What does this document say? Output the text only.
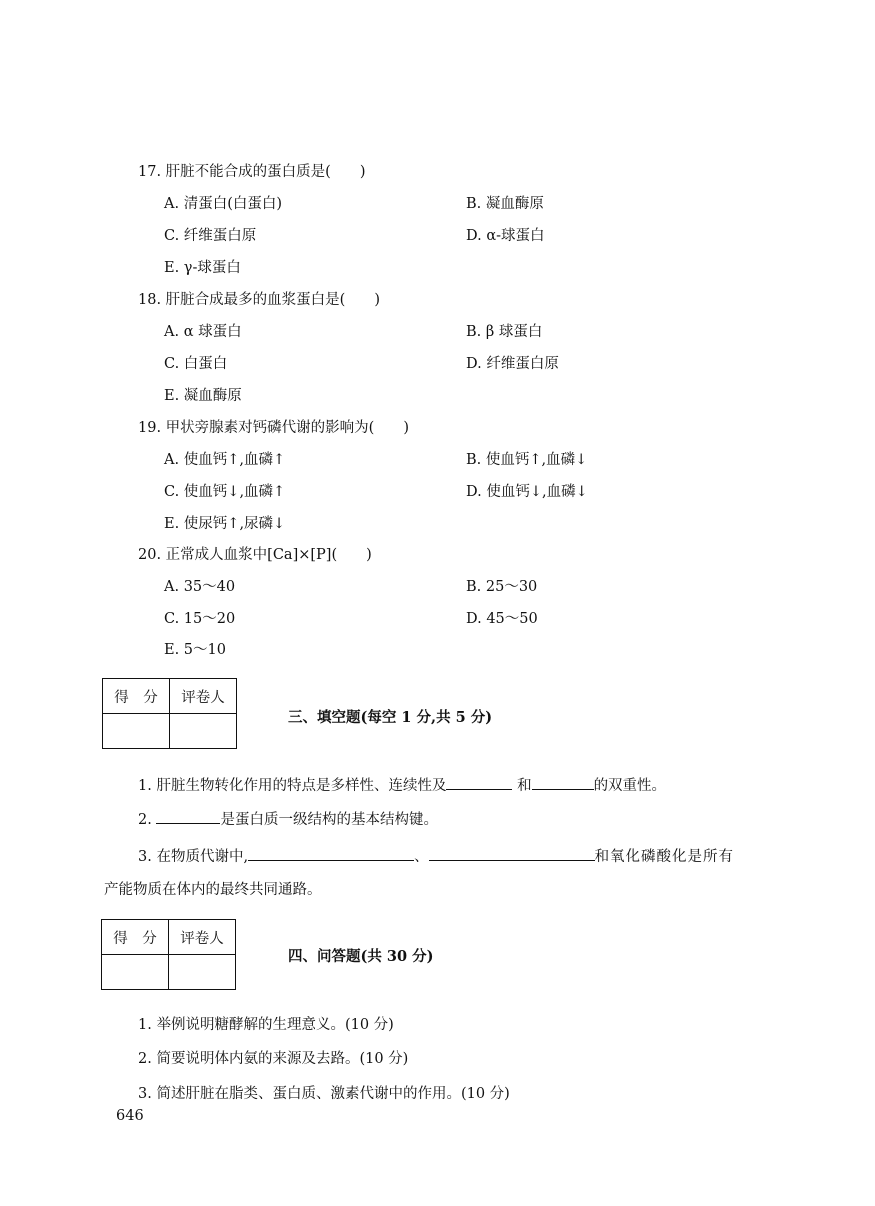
17. 肝脏不能合成的蛋白质是(　　)
A. 清蛋白(白蛋白)	B. 凝血酶原
C. 纤维蛋白原	D. α-球蛋白
E. γ-球蛋白
18. 肝脏合成最多的血浆蛋白是(　　)
A. α 球蛋白	B. β 球蛋白
C. 白蛋白	D. 纤维蛋白原
E. 凝血酶原
19. 甲状旁腺素对钙磷代谢的影响为(　　)
A. 使血钙↑,血磷↑	B. 使血钙↑,血磷↓
C. 使血钙↓,血磷↑	D. 使血钙↓,血磷↓
E. 使尿钙↑,尿磷↓
20. 正常成人血浆中[Ca]×[P](　　)
A. 35～40	B. 25～30
C. 15～20	D. 45～50
E. 5～10
得　分	评卷人

三、填空题(每空 1 分,共 5 分)
1. 肝脏生物转化作用的特点是多样性、连续性及	和	的双重性。
2.	是蛋白质一级结构的基本结构键。
3. 在物质代谢中,	、	和氧化磷酸化是所有
产能物质在体内的最终共同通路。
得　分	评卷人

四、问答题(共 30 分)
1. 举例说明糖酵解的生理意义。(10 分)
2. 简要说明体内氨的来源及去路。(10 分)
3. 简述肝脏在脂类、蛋白质、激素代谢中的作用。(10 分)
646
